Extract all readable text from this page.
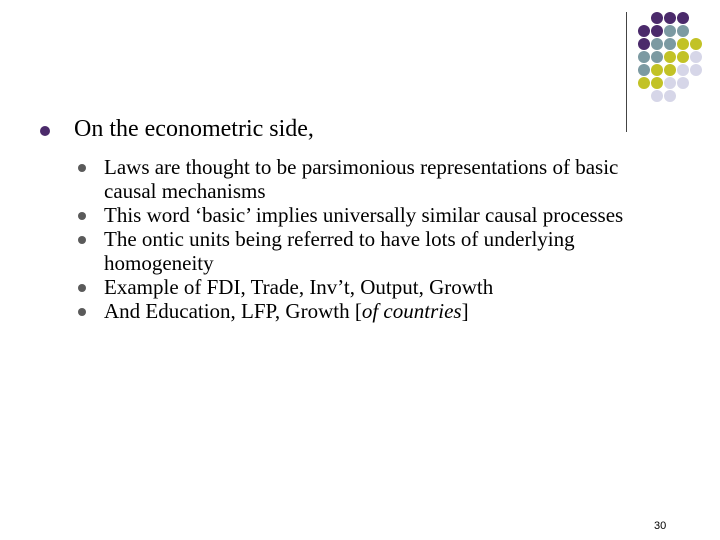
On the econometric side,
Laws are thought to be parsimonious representations of basic causal mechanisms
This word ‘basic’ implies universally similar causal processes
The ontic units being referred to have lots of underlying homogeneity
Example of FDI, Trade, Inv’t, Output, Growth
And Education, LFP, Growth [of countries]
30
